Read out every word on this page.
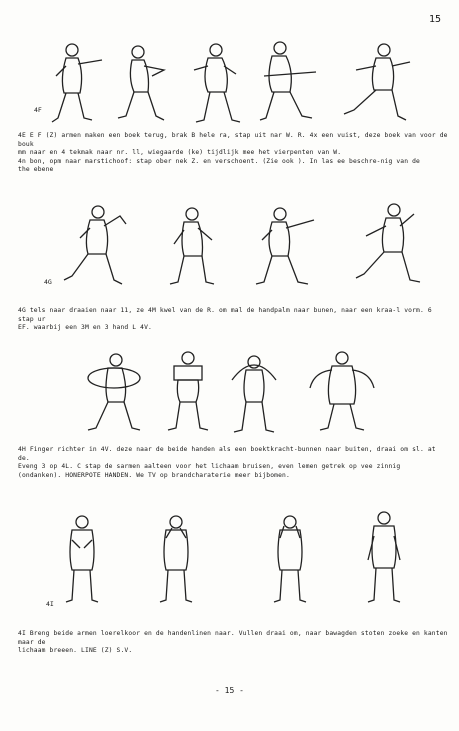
15
4F
4E E F (Z) armen maken een boek terug, brak B hele ra, stap uit nar W. R. 4x een vuist, deze boek van voor de bouk
mm naar en 4 tekmak naar nr. ll, wiegaarde (ke) tijdlijk mee het vierpenten van W.
4n bon, opm naar marstichoof: stap ober nek Z. en verschoent. (Zie ook ). In las ee beschre-nig van de
the ebene
4G
4G tels naar draaien naar 11, ze 4M kwel van de R. om mal de handpalm naar bunen, naar een kraa-l vorm. 6 stap ur
EF. waarbij een 3M en 3 hand L 4V.
4H Finger richter in 4V. deze naar de beide handen als een boektkracht-bunnen naar buiten, draai om sl. at de.
Eveng 3 op 4L. C stap de sarmen aalteen voor het lichaam bruisen, even lemen getrek op vee zinnig
(ondanken). HONERPOTE HANDEN. We TV op brandcharaterie meer bijbomen.
4I
4I Breng beide armen loerelkoor en de handenlinen naar. Vullen draai om, naar bawagden stoten zoeke en kanten maar de
lichaam breeen. LINE (Z) S.V.
- 15 -
